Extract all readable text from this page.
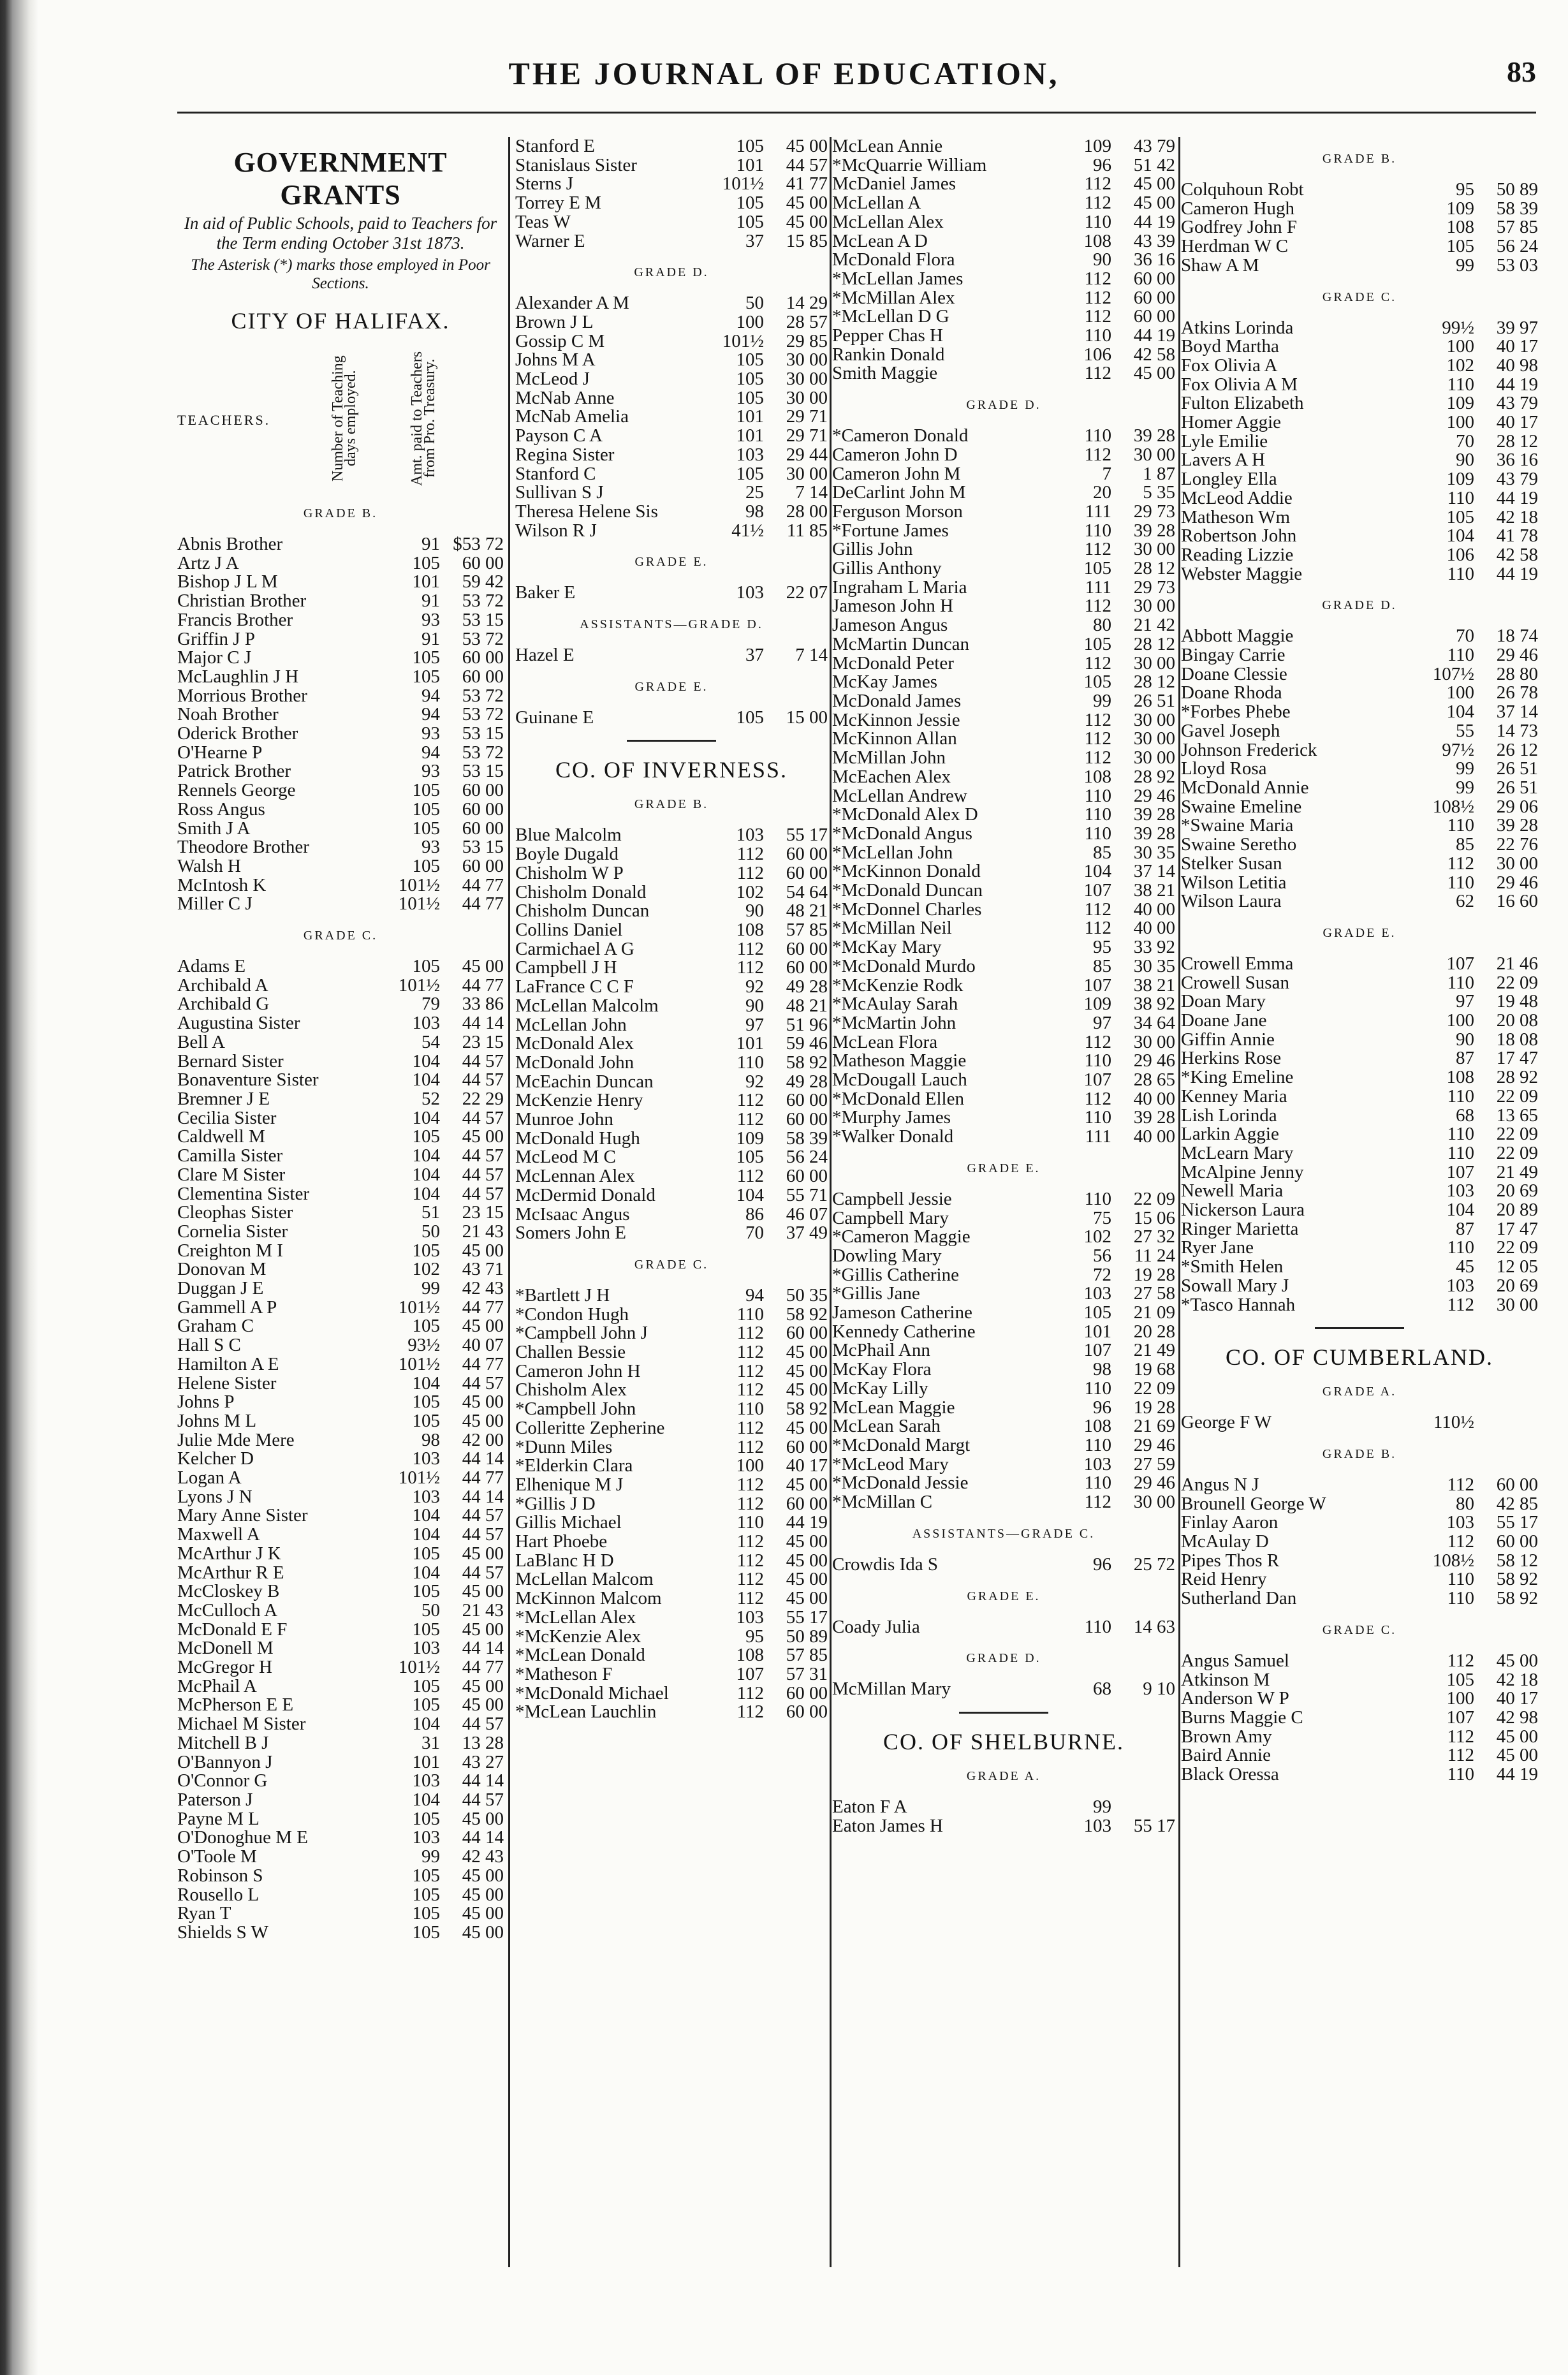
THE JOURNAL OF EDUCATION,	83
GOVERNMENT GRANTS
In aid of Public Schools, paid to Teachers for the Term ending October 31st 1873.
The Asterisk (*) marks those employed in Poor Sections.
CITY OF HALIFAX.
TEACHERS.	Number of Teaching days employed.	Amt. paid to Teachers from Pro. Treasury.
GRADE B.
Abnis Brother	91 $53 72
Artz J A	105	60 00
Bishop J L M	101	59 42
Christian Brother	91	53 72
Francis Brother	93	53 15
Griffin J P	91	53 72
Major C J	105	60 00
McLaughlin J H	105	60 00
Morrious Brother	94	53 72
Noah Brother	94	53 72
Oderick Brother	93	53 15
O'Hearne P	94	53 72
Patrick Brother	93	53 15
Rennels George	105	60 00
Ross Angus	105	60 00
Smith J A	105	60 00
Theodore Brother	93	53 15
Walsh H	105	60 00
McIntosh K	101½	44 77
Miller C J	101½	44 77
GRADE C.
Adams E	105	45 00
Archibald A	101½	44 77
Archibald G	79	33 86
Augustina Sister	103	44 14
Bell A	54	23 15
Bernard Sister	104	44 57
Bonaventure Sister	104	44 57
Bremner J E	52	22 29
Cecilia Sister	104	44 57
Caldwell M	105	45 00
Camilla Sister	104	44 57
Clare M Sister	104	44 57
Clementina Sister	104	44 57
Cleophas Sister	51	23 15
Cornelia Sister	50	21 43
Creighton M I	105	45 00
Donovan M	102	43 71
Duggan J E	99	42 43
Gammell A P	101½	44 77
Graham C	105	45 00
Hall S C	93½	40 07
Hamilton A E	101½	44 77
Helene Sister	104	44 57
Johns P	105	45 00
Johns M L	105	45 00
Julie Mde Mere	98	42 00
Kelcher D	103	44 14
Logan A	101½	44 77
Lyons J N	103	44 14
Mary Anne Sister	104	44 57
Maxwell A	104	44 57
McArthur J K	105	45 00
McArthur R E	104	44 57
McCloskey B	105	45 00
McCulloch A	50	21 43
McDonald E F	105	45 00
McDonell M	103	44 14
McGregor H	101½	44 77
McPhail A	105	45 00
McPherson E E	105	45 00
Michael M Sister	104	44 57
Mitchell B J	31	13 28
O'Bannyon J	101	43 27
O'Connor G	103	44 14
Paterson J	104	44 57
Payne M L	105	45 00
O'Donoghue M E	103	44 14
O'Toole M	99	42 43
Robinson S	105	45 00
Rousello L	105	45 00
Ryan T	105	45 00
Shields S W	105	45 00
Stanford E	105	45 00
Stanislaus Sister	101	44 57
Sterns J	101½	41 77
Torrey E M	105	45 00
Teas W	105	45 00
Warner E	37	15 85
GRADE D.
Alexander A M	50	14 29
Brown J L	100	28 57
Gossip C M	101½	29 85
Johns M A	105	30 00
McLeod J	105	30 00
McNab Anne	105	30 00
McNab Amelia	101	29 71
Payson C A	101	29 71
Regina Sister	103	29 44
Stanford C	105	30 00
Sullivan S J	25	7 14
Theresa Helene Sis	98	28 00
Wilson R J	41½	11 85
GRADE E.
Baker E	103	22 07
ASSISTANTS—GRADE D.
Hazel E	37	7 14
GRADE E.
Guinane E	105	15 00
CO. OF INVERNESS.
GRADE B.
Blue Malcolm	103	55 17
Boyle Dugald	112	60 00
Chisholm W P	112	60 00
Chisholm Donald	102	54 64
Chisholm Duncan	90	48 21
Collins Daniel	108	57 85
Carmichael A G	112	60 00
Campbell J H	112	60 00
LaFrance C C F	92	49 28
McLellan Malcolm	90	48 21
McLellan John	97	51 96
McDonald Alex	101	59 46
McDonald John	110	58 92
McEachin Duncan	92	49 28
McKenzie Henry	112	60 00
Munroe John	112	60 00
McDonald Hugh	109	58 39
McLeod M C	105	56 24
McLennan Alex	112	60 00
McDermid Donald	104	55 71
McIsaac Angus	86	46 07
Somers John E	70	37 49
GRADE C.
*Bartlett J H	94	50 35
*Condon Hugh	110	58 92
*Campbell John J	112	60 00
Challen Bessie	112	45 00
Cameron John H	112	45 00
Chisholm Alex	112	45 00
*Campbell John	110	58 92
Colleritte Zepherine	112	45 00
*Dunn Miles	112	60 00
*Elderkin Clara	100	40 17
Elhenique M J	112	45 00
*Gillis J D	112	60 00
Gillis Michael	110	44 19
Hart Phoebe	112	45 00
LaBlanc H D	112	45 00
McLellan Malcom	112	45 00
McKinnon Malcom	112	45 00
*McLellan Alex	103	55 17
*McKenzie Alex	95	50 89
*McLean Donald	108	57 85
*Matheson F	107	57 31
*McDonald Michael	112	60 00
*McLean Lauchlin	112	60 00
McLean Annie	109	43 79
*McQuarrie William	96	51 42
McDaniel James	112	45 00
McLellan A	112	45 00
McLellan Alex	110	44 19
McLean A D	108	43 39
McDonald Flora	90	36 16
*McLellan James	112	60 00
*McMillan Alex	112	60 00
*McLellan D G	112	60 00
Pepper Chas H	110	44 19
Rankin Donald	106	42 58
Smith Maggie	112	45 00
GRADE D.
*Cameron Donald	110	39 28
Cameron John D	112	30 00
Cameron John M	7	1 87
DeCarlint John M	20	5 35
Ferguson Morson	111	29 73
*Fortune James	110	39 28
Gillis John	112	30 00
Gillis Anthony	105	28 12
Ingraham L Maria	111	29 73
Jameson John H	112	30 00
Jameson Angus	80	21 42
McMartin Duncan	105	28 12
McDonald Peter	112	30 00
McKay James	105	28 12
McDonald James	99	26 51
McKinnon Jessie	112	30 00
McKinnon Allan	112	30 00
McMillan John	112	30 00
McEachen Alex	108	28 92
McLellan Andrew	110	29 46
*McDonald Alex D	110	39 28
*McDonald Angus	110	39 28
*McLellan John	85	30 35
*McKinnon Donald	104	37 14
*McDonald Duncan	107	38 21
*McDonnel Charles	112	40 00
*McMillan Neil	112	40 00
*McKay Mary	95	33 92
*McDonald Murdo	85	30 35
*McKenzie Rodk	107	38 21
*McAulay Sarah	109	38 92
*McMartin John	97	34 64
McLean Flora	112	30 00
Matheson Maggie	110	29 46
McDougall Lauch	107	28 65
*McDonald Ellen	112	40 00
*Murphy James	110	39 28
*Walker Donald	111	40 00
GRADE E.
Campbell Jessie	110	22 09
Campbell Mary	75	15 06
*Cameron Maggie	102	27 32
Dowling Mary	56	11 24
*Gillis Catherine	72	19 28
*Gillis Jane	103	27 58
Jameson Catherine	105	21 09
Kennedy Catherine	101	20 28
McPhail Ann	107	21 49
McKay Flora	98	19 68
McKay Lilly	110	22 09
McLean Maggie	96	19 28
McLean Sarah	108	21 69
*McDonald Margt	110	29 46
*McLeod Mary	103	27 59
*McDonald Jessie	110	29 46
*McMillan C	112	30 00
ASSISTANTS—GRADE C.
Crowdis Ida S	96	25 72
GRADE E.
Coady Julia	110	14 63
GRADE D.
McMillan Mary	68	9 10
CO. OF SHELBURNE.
GRADE A.
Eaton F A	99
Eaton James H	103	55 17
GRADE B.
Colquhoun Robt	95	50 89
Cameron Hugh	109	58 39
Godfrey John F	108	57 85
Herdman W C	105	56 24
Shaw A M	99	53 03
GRADE C.
Atkins Lorinda	99½	39 97
Boyd Martha	100	40 17
Fox Olivia A	102	40 98
Fox Olivia A M	110	44 19
Fulton Elizabeth	109	43 79
Homer Aggie	100	40 17
Lyle Emilie	70	28 12
Lavers A H	90	36 16
Longley Ella	109	43 79
McLeod Addie	110	44 19
Matheson Wm	105	42 18
Robertson John	104	41 78
Reading Lizzie	106	42 58
Webster Maggie	110	44 19
GRADE D.
Abbott Maggie	70	18 74
Bingay Carrie	110	29 46
Doane Clessie	107½	28 80
Doane Rhoda	100	26 78
*Forbes Phebe	104	37 14
Gavel Joseph	55	14 73
Johnson Frederick	97½	26 12
Lloyd Rosa	99	26 51
McDonald Annie	99	26 51
Swaine Emeline	108½	29 06
*Swaine Maria	110	39 28
Swaine Seretho	85	22 76
Stelker Susan	112	30 00
Wilson Letitia	110	29 46
Wilson Laura	62	16 60
GRADE E.
Crowell Emma	107	21 46
Crowell Susan	110	22 09
Doan Mary	97	19 48
Doane Jane	100	20 08
Giffin Annie	90	18 08
Herkins Rose	87	17 47
*King Emeline	108	28 92
Kenney Maria	110	22 09
Lish Lorinda	68	13 65
Larkin Aggie	110	22 09
McLearn Mary	110	22 09
McAlpine Jenny	107	21 49
Newell Maria	103	20 69
Nickerson Laura	104	20 89
Ringer Marietta	87	17 47
Ryer Jane	110	22 09
*Smith Helen	45	12 05
Sowall Mary J	103	20 69
*Tasco Hannah	112	30 00
CO. OF CUMBERLAND.
GRADE A.
George F W	110½
GRADE B.
Angus N J	112	60 00
Brounell George W	80	42 85
Finlay Aaron	103	55 17
McAulay D	112	60 00
Pipes Thos R	108½	58 12
Reid Henry	110	58 92
Sutherland Dan	110	58 92
GRADE C.
Angus Samuel	112	45 00
Atkinson M	105	42 18
Anderson W P	100	40 17
Burns Maggie C	107	42 98
Brown Amy	112	45 00
Baird Annie	112	45 00
Black Oressa	110	44 19
